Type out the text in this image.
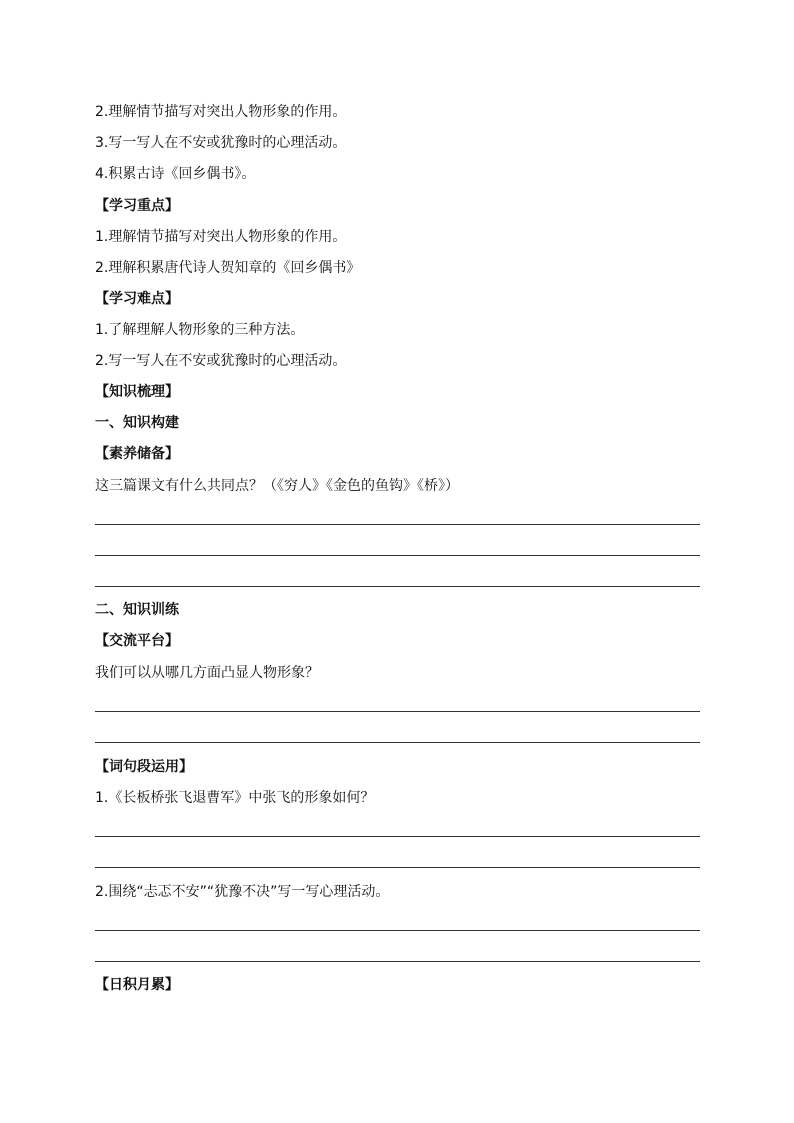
2.理解情节描写对突出人物形象的作用。
3.写一写人在不安或犹豫时的心理活动。
4.积累古诗《回乡偶书》。
【学习重点】
1.理解情节描写对突出人物形象的作用。
2.理解积累唐代诗人贺知章的《回乡偶书》
【学习难点】
1.了解理解人物形象的三种方法。
2.写一写人在不安或犹豫时的心理活动。
【知识梳理】
一、知识构建
【素养储备】
这三篇课文有什么共同点？（《穷人》《金色的鱼钩》《桥》）
二、知识训练
【交流平台】
我们可以从哪几方面凸显人物形象？
【词句段运用】
1.《长板桥张飞退曹军》中张飞的形象如何？
2.围绕“忐忑不安”“犹豫不决”写一写心理活动。
【日积月累】
